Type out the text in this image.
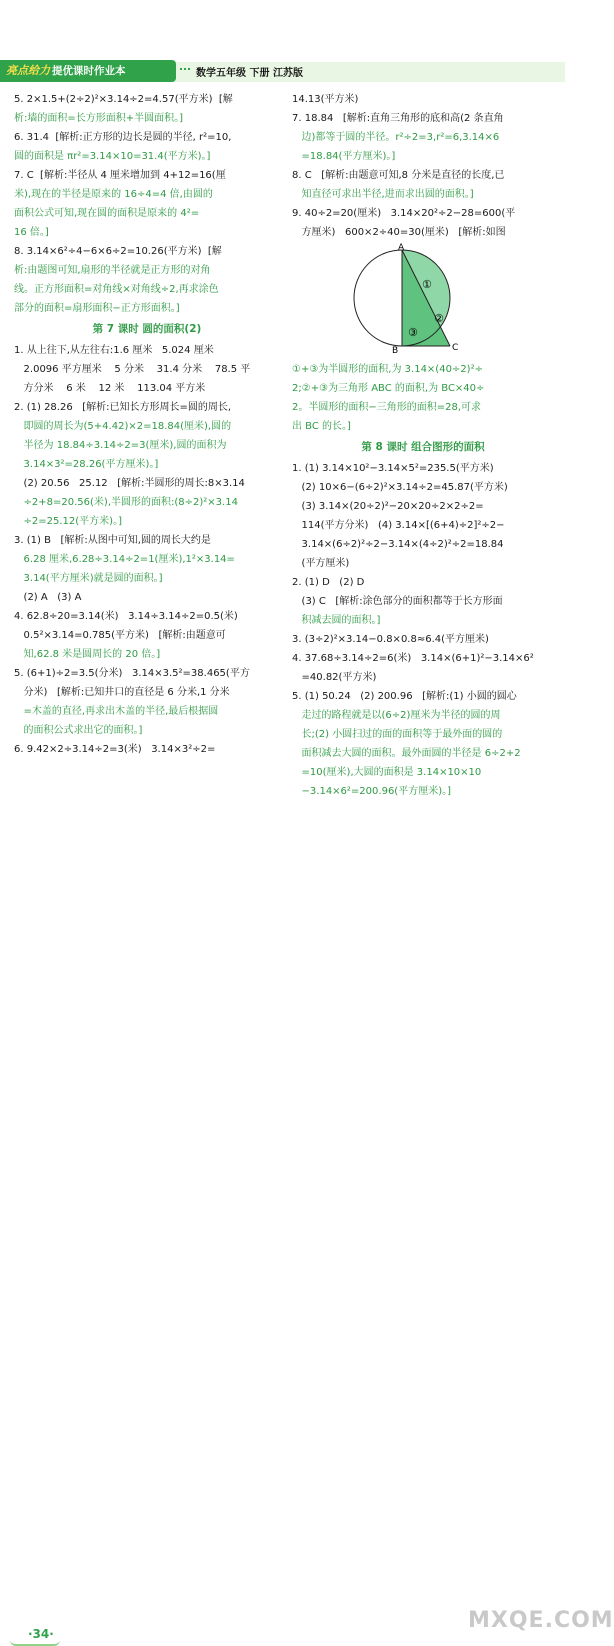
亮点给力 提优课时作业本	数学五年级 下册 江苏版
5. 2×1.5+(2÷2)²×3.14÷2=4.57(平方米)  [解
析:墙的面积=长方形面积+半圆面积。]
6. 31.4  [解析:正方形的边长是圆的半径, r²=10,
圆的面积是 πr²=3.14×10=31.4(平方米)。]
7. C  [解析:半径从 4 厘米增加到 4+12=16(厘
米),现在的半径是原来的 16÷4=4 倍,由圆的
面积公式可知,现在圆的面积是原来的 4²=
16 倍。]
8. 3.14×6²÷4−6×6÷2=10.26(平方米)  [解
析:由题图可知,扇形的半径就是正方形的对角
线。正方形面积=对角线×对角线÷2,再求涂色
部分的面积=扇形面积−正方形面积。]
第 7 课时 圆的面积(2)
1. 从上往下,从左往右:1.6 厘米   5.024 厘米
2.0096 平方厘米    5 分米    31.4 分米    78.5 平
方分米    6 米    12 米    113.04 平方米
2. (1) 28.26   [解析:已知长方形周长=圆的周长,
即圆的周长为(5+4.42)×2=18.84(厘米),圆的
半径为 18.84÷3.14÷2=3(厘米),圆的面积为
3.14×3²=28.26(平方厘米)。]
(2) 20.56   25.12   [解析:半圆形的周长:8×3.14
÷2+8=20.56(米),半圆形的面积:(8÷2)²×3.14
÷2=25.12(平方米)。]
3. (1) B   [解析:从图中可知,圆的周长大约是
6.28 厘米,6.28÷3.14÷2=1(厘米),1²×3.14=
3.14(平方厘米)就是圆的面积。]
(2) A   (3) A
4. 62.8÷20=3.14(米)   3.14÷3.14÷2=0.5(米)
0.5²×3.14=0.785(平方米)   [解析:由题意可
知,62.8 米是圆周长的 20 倍。]
5. (6+1)÷2=3.5(分米)   3.14×3.5²=38.465(平方
分米)   [解析:已知井口的直径是 6 分米,1 分米
=木盖的直径,再求出木盖的半径,最后根据圆
的面积公式求出它的面积。]
6. 9.42×2÷3.14÷2=3(米)   3.14×3²÷2=
14.13(平方米)
7. 18.84   [解析:直角三角形的底和高(2 条直角
边)都等于圆的半径。r²÷2=3,r²=6,3.14×6
=18.84(平方厘米)。]
8. C   [解析:由题意可知,8 分米是直径的长度,已
知直径可求出半径,进而求出圆的面积。]
9. 40÷2=20(厘米)   3.14×20²÷2−28=600(平
方厘米)   600×2÷40=30(厘米)   [解析:如图
A
B	C
①
②
③
①+③为半圆形的面积,为 3.14×(40÷2)²÷
2;②+③为三角形 ABC 的面积,为 BC×40÷
2。半圆形的面积−三角形的面积=28,可求
出 BC 的长。]
第 8 课时 组合图形的面积
1. (1) 3.14×10²−3.14×5²=235.5(平方米)
(2) 10×6−(6÷2)²×3.14÷2=45.87(平方米)
(3) 3.14×(20÷2)²−20×20÷2×2÷2=
114(平方分米)   (4) 3.14×[(6+4)÷2]²÷2−
3.14×(6÷2)²÷2−3.14×(4÷2)²÷2=18.84
(平方厘米)
2. (1) D   (2) D
(3) C   [解析:涂色部分的面积都等于长方形面
积减去圆的面积。]
3. (3÷2)²×3.14−0.8×0.8≈6.4(平方厘米)
4. 37.68÷3.14÷2=6(米)   3.14×(6+1)²−3.14×6²
=40.82(平方米)
5. (1) 50.24   (2) 200.96   [解析:(1) 小圆的圆心
走过的路程就是以(6÷2)厘米为半径的圆的周
长;(2) 小圆扫过的面的面积等于最外面的圆的
面积减去大圆的面积。最外面圆的半径是 6÷2+2
=10(厘米),大圆的面积是 3.14×10×10
−3.14×6²=200.96(平方厘米)。]
·34·
MXQE.COM
